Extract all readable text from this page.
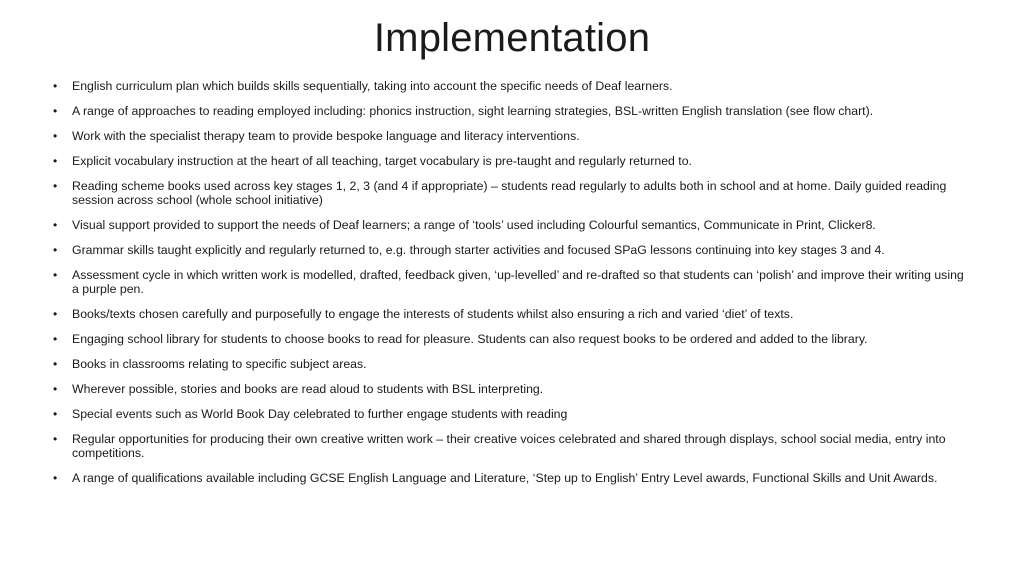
Implementation
• English curriculum plan which builds skills sequentially, taking into account the specific needs of Deaf learners.
• A range of approaches to reading employed including: phonics instruction, sight learning strategies, BSL-written English translation (see flow chart).
• Work with the specialist therapy team to provide bespoke language and literacy interventions.
• Explicit vocabulary instruction at the heart of all teaching, target vocabulary is pre-taught and regularly returned to.
• Reading scheme books used across key stages 1, 2, 3 (and 4 if appropriate) – students read regularly to adults both in school and at home. Daily guided reading session across school (whole school initiative)
• Visual support provided to support the needs of Deaf learners; a range of ‘tools’ used including Colourful semantics, Communicate in Print, Clicker8.
• Grammar skills taught explicitly and regularly returned to, e.g. through starter activities and focused SPaG lessons continuing into key stages 3 and 4.
• Assessment cycle in which written work is modelled, drafted, feedback given, ‘up-levelled’ and re-drafted so that students can ‘polish’ and improve their writing using a purple pen.
• Books/texts chosen carefully and purposefully to engage the interests of students whilst also ensuring a rich and varied ‘diet’ of texts.
• Engaging school library for students to choose books to read for pleasure. Students can also request books to be ordered and added to the library.
• Books in classrooms relating to specific subject areas.
• Wherever possible, stories and books are read aloud to students with BSL interpreting.
• Special events such as World Book Day celebrated to further engage students with reading
• Regular opportunities for producing their own creative written work – their creative voices celebrated and shared through displays, school social media, entry into competitions.
• A range of qualifications available including GCSE English Language and Literature, ‘Step up to English’ Entry Level awards, Functional Skills and Unit Awards.
